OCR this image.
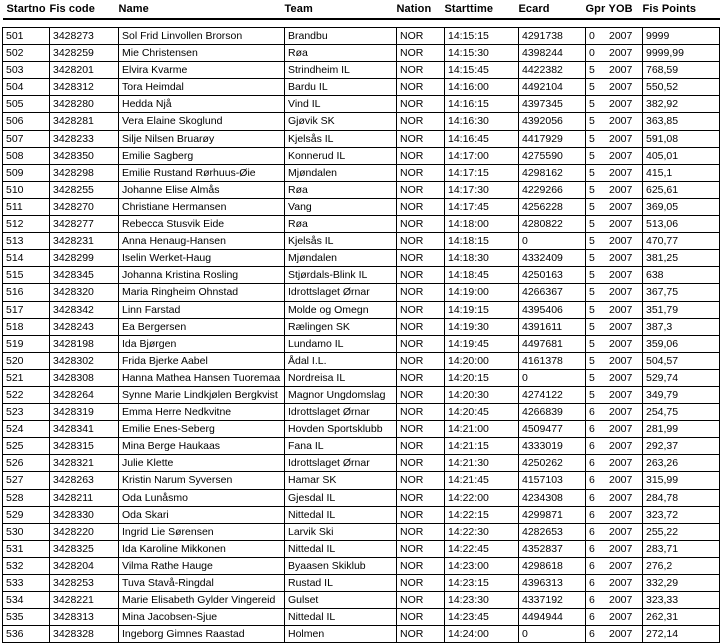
Startno	Fis code	Name	Team	Nation	Starttime	Ecard	Gpr YOB	Fis Points

501	3428273	Sol Frid Linvollen Brorson	Brandbu	NOR	14:15:15	4291738	0 2007	9999
502	3428259	Mie Christensen	Røa	NOR	14:15:30	4398244	0 2007	9999,99
503	3428201	Elvira Kvarme	Strindheim IL	NOR	14:15:45	4422382	5 2007	768,59
504	3428312	Tora Heimdal	Bardu IL	NOR	14:16:00	4492104	5 2007	550,52
505	3428280	Hedda Njå	Vind IL	NOR	14:16:15	4397345	5 2007	382,92
506	3428281	Vera Elaine Skoglund	Gjøvik SK	NOR	14:16:30	4392056	5 2007	363,85
507	3428233	Silje Nilsen Bruarøy	Kjelsås IL	NOR	14:16:45	4417929	5 2007	591,08
508	3428350	Emilie Sagberg	Konnerud IL	NOR	14:17:00	4275590	5 2007	405,01
509	3428298	Emilie Rustand Rørhuus-Øie	Mjøndalen	NOR	14:17:15	4298162	5 2007	415,1
510	3428255	Johanne Elise Almås	Røa	NOR	14:17:30	4229266	5 2007	625,61
511	3428270	Christiane Hermansen	Vang	NOR	14:17:45	4256228	5 2007	369,05
512	3428277	Rebecca Stusvik Eide	Røa	NOR	14:18:00	4280822	5 2007	513,06
513	3428231	Anna Henaug-Hansen	Kjelsås IL	NOR	14:18:15	0	5 2007	470,77
514	3428299	Iselin Werket-Haug	Mjøndalen	NOR	14:18:30	4332409	5 2007	381,25
515	3428345	Johanna Kristina Rosling	Stjørdals-Blink IL	NOR	14:18:45	4250163	5 2007	638
516	3428320	Maria Ringheim Ohnstad	Idrottslaget Ørnar	NOR	14:19:00	4266367	5 2007	367,75
517	3428342	Linn Farstad	Molde og Omegn	NOR	14:19:15	4395406	5 2007	351,79
518	3428243	Ea Bergersen	Rælingen SK	NOR	14:19:30	4391611	5 2007	387,3
519	3428198	Ida Bjørgen	Lundamo IL	NOR	14:19:45	4497681	5 2007	359,06
520	3428302	Frida Bjerke Aabel	Ådal I.L.	NOR	14:20:00	4161378	5 2007	504,57
521	3428308	Hanna Mathea Hansen Tuoremaa	Nordreisa IL	NOR	14:20:15	0	5 2007	529,74
522	3428264	Synne Marie Lindkjølen Bergkvist	Magnor Ungdomslag	NOR	14:20:30	4274122	5 2007	349,79
523	3428319	Emma Herre Nedkvitne	Idrottslaget Ørnar	NOR	14:20:45	4266839	6 2007	254,75
524	3428341	Emilie Enes-Seberg	Hovden Sportsklubb	NOR	14:21:00	4509477	6 2007	281,99
525	3428315	Mina Berge Haukaas	Fana IL	NOR	14:21:15	4333019	6 2007	292,37
526	3428321	Julie Klette	Idrottslaget Ørnar	NOR	14:21:30	4250262	6 2007	263,26
527	3428263	Kristin Narum Syversen	Hamar SK	NOR	14:21:45	4157103	6 2007	315,99
528	3428211	Oda Lunåsmo	Gjesdal IL	NOR	14:22:00	4234308	6 2007	284,78
529	3428330	Oda Skari	Nittedal IL	NOR	14:22:15	4299871	6 2007	323,72
530	3428220	Ingrid Lie Sørensen	Larvik Ski	NOR	14:22:30	4282653	6 2007	255,22
531	3428325	Ida Karoline Mikkonen	Nittedal IL	NOR	14:22:45	4352837	6 2007	283,71
532	3428204	Vilma Rathe Hauge	Byaasen Skiklub	NOR	14:23:00	4298618	6 2007	276,2
533	3428253	Tuva Stavå-Ringdal	Rustad IL	NOR	14:23:15	4396313	6 2007	332,29
534	3428221	Marie Elisabeth Gylder Vingereid	Gulset	NOR	14:23:30	4337192	6 2007	323,33
535	3428313	Mina Jacobsen-Sjue	Nittedal IL	NOR	14:23:45	4494944	6 2007	262,31
536	3428328	Ingeborg Gimnes Raastad	Holmen	NOR	14:24:00	0	6 2007	272,14
